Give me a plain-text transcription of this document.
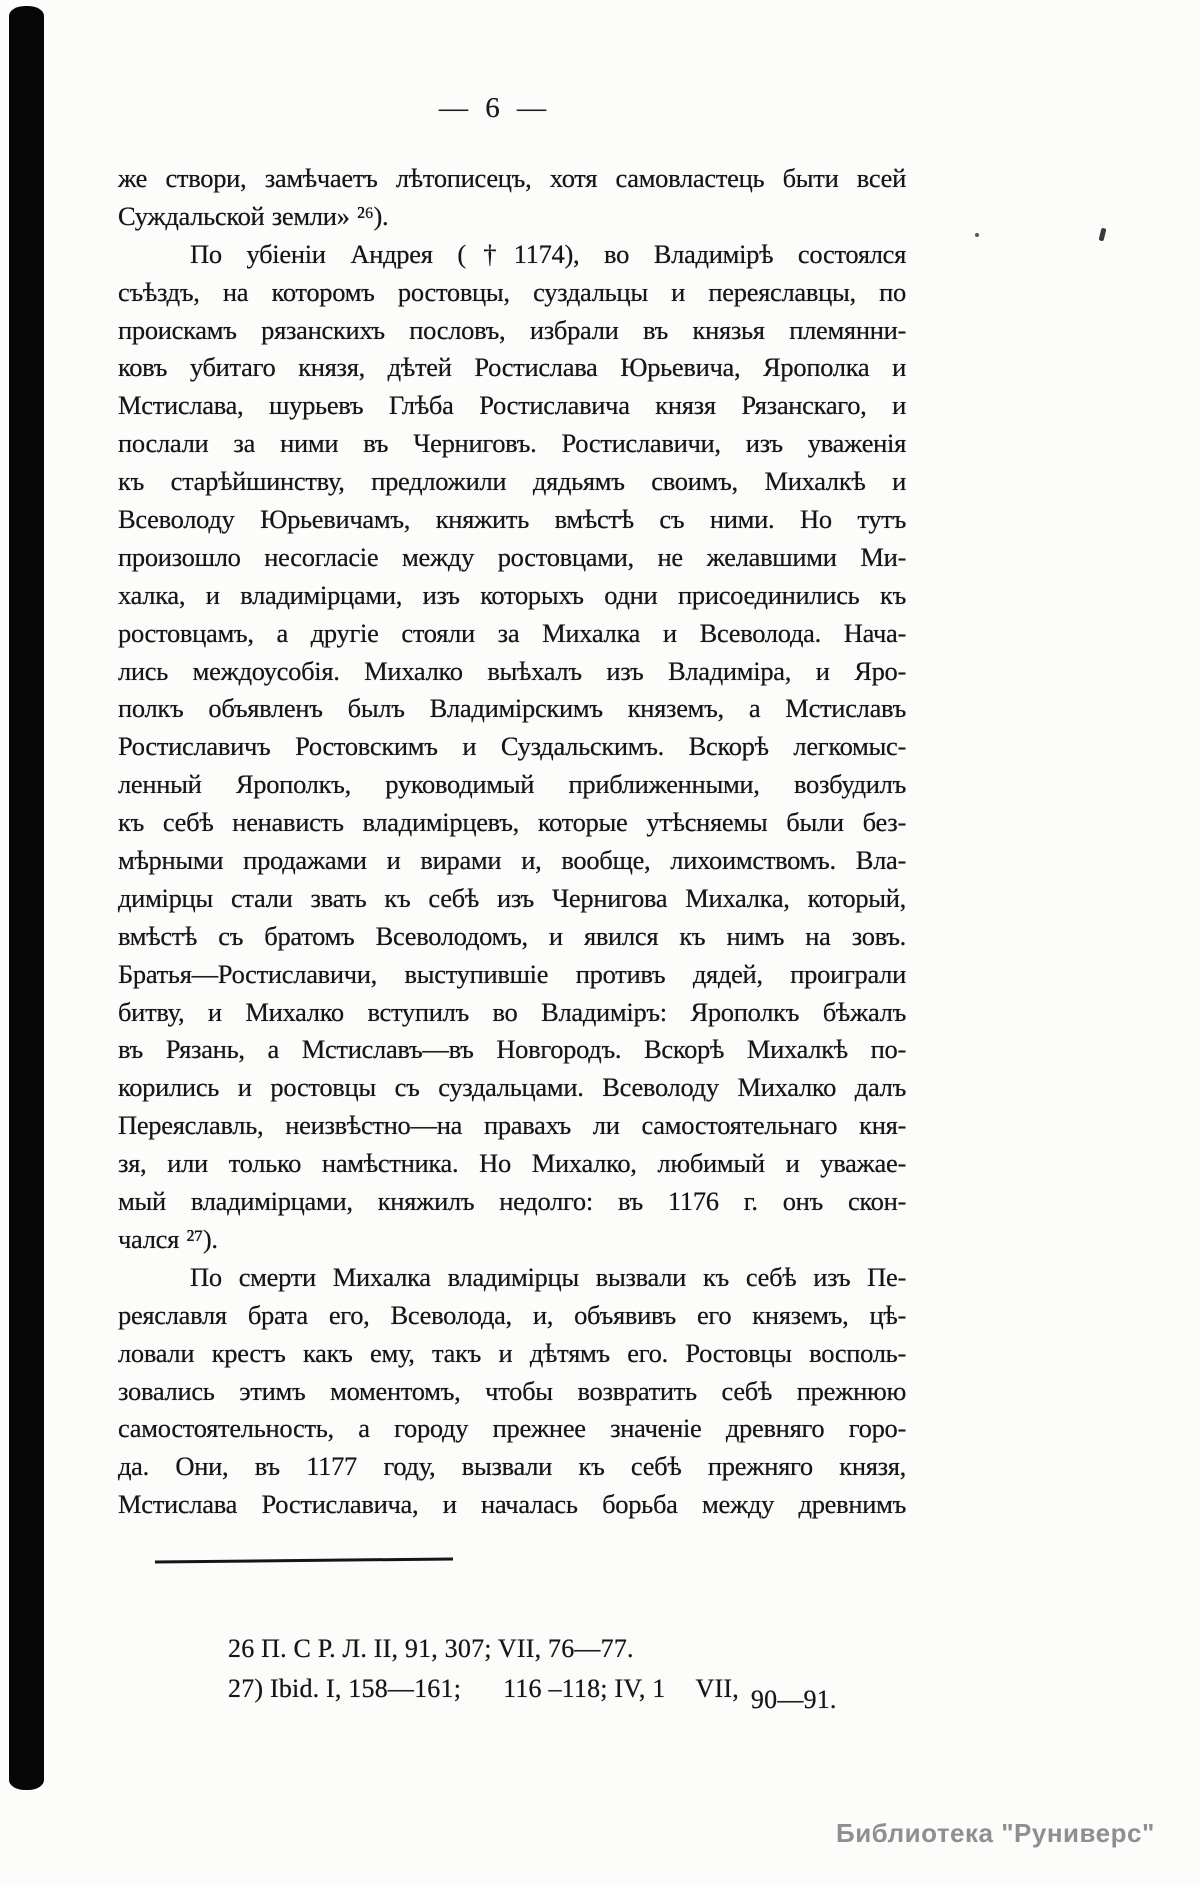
— 6 —
же створи, замѣчаетъ лѣтописецъ, хотя самовластець быти всей
Суждальской земли» ²⁶).
По убіеніи Андрея (†1174), во Владимірѣ состоялся
съѣздъ, на которомъ ростовцы, суздальцы и переяславцы, по
проискамъ рязанскихъ пословъ, избрали въ князья племянни-
ковъ убитаго князя, дѣтей Ростислава Юрьевича, Ярополка и
Мстислава, шурьевъ Глѣба Ростиславича князя Рязанскаго, и
послали за ними въ Черниговъ. Ростиславичи, изъ уваженія
къ старѣйшинству, предложили дядьямъ своимъ, Михалкѣ и
Всеволоду Юрьевичамъ, княжить вмѣстѣ съ ними. Но тутъ
произошло несогласіе между ростовцами, не желавшими Ми-
халка, и владимірцами, изъ которыхъ одни присоединились къ
ростовцамъ, а другіе стояли за Михалка и Всеволода. Нача-
лись междоусобія. Михалко выѣхалъ изъ Владиміра, и Яро-
полкъ объявленъ былъ Владимірскимъ княземъ, а Мстиславъ
Ростиславичъ Ростовскимъ и Суздальскимъ. Вскорѣ легкомыс-
ленный Ярополкъ, руководимый приближенными, возбудилъ
къ себѣ ненависть владимірцевъ, которые утѣсняемы были без-
мѣрными продажами и вирами и, вообще, лихоимствомъ. Вла-
димірцы стали звать къ себѣ изъ Чернигова Михалка, который,
вмѣстѣ съ братомъ Всеволодомъ, и явился къ нимъ на зовъ.
Братья—Ростиславичи, выступившіе противъ дядей, проиграли
битву, и Михалко вступилъ во Владиміръ: Ярополкъ бѣжалъ
въ Рязань, а Мстиславъ—въ Новгородъ. Вскорѣ Михалкѣ по-
корились и ростовцы съ суздальцами. Всеволоду Михалко далъ
Переяславль, неизвѣстно—на правахъ ли самостоятельнаго кня-
зя, или только намѣстника. Но Михалко, любимый и уважае-
мый владимірцами, княжилъ недолго: въ 1176 г. онъ скон-
чался ²⁷).
По смерти Михалка владимірцы вызвали къ себѣ изъ Пе-
реяславля брата его, Всеволода, и, объявивъ его княземъ, цѣ-
ловали крестъ какъ ему, такъ и дѣтямъ его. Ростовцы восполь-
зовались этимъ моментомъ, чтобы возвратить себѣ прежнюю
самостоятельность, а городу прежнее значеніе древняго горо-
да. Они, въ 1177 году, вызвали къ себѣ прежняго князя,
Мстислава Ростиславича, и началась борьба между древнимъ
26 П. С Р. Л. II, 91, 307; VII, 76—77.
27) Ibid. I, 158—161; 116 –118; IV, 1 VII, 90—91.
Библиотека "Руниверс"
